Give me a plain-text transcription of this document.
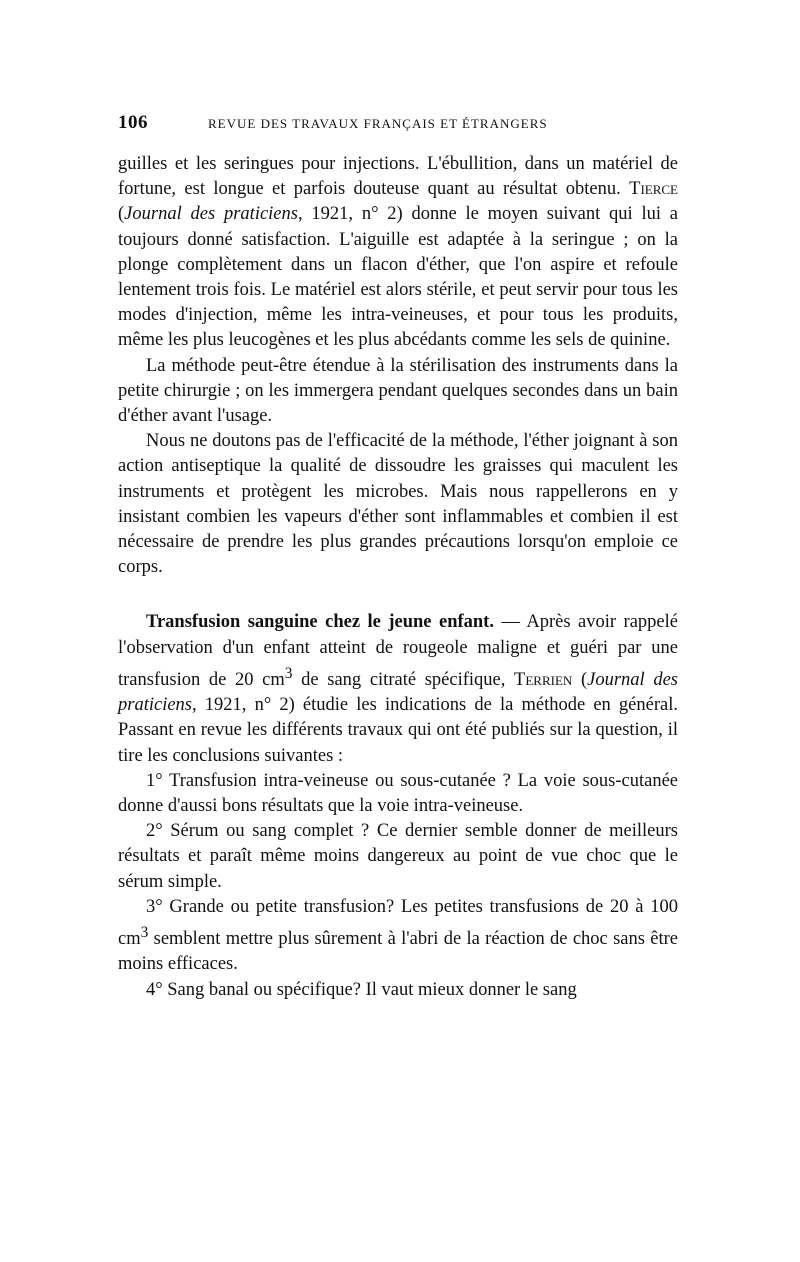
106	REVUE DES TRAVAUX FRANÇAIS ET ÉTRANGERS

guilles et les seringues pour injections. L'ébullition, dans un matériel de fortune, est longue et parfois douteuse quant au résultat obtenu. Tierce (Journal des praticiens, 1921, n° 2) donne le moyen suivant qui lui a toujours donné satisfaction. L'aiguille est adaptée à la seringue ; on la plonge complètement dans un flacon d'éther, que l'on aspire et refoule lentement trois fois. Le matériel est alors stérile, et peut servir pour tous les modes d'injection, même les intra-veineuses, et pour tous les produits, même les plus leucogènes et les plus abcédants comme les sels de quinine.

La méthode peut-être étendue à la stérilisation des instruments dans la petite chirurgie ; on les immergera pendant quelques secondes dans un bain d'éther avant l'usage.

Nous ne doutons pas de l'efficacité de la méthode, l'éther joignant à son action antiseptique la qualité de dissoudre les graisses qui maculent les instruments et protègent les microbes. Mais nous rappellerons en y insistant combien les vapeurs d'éther sont inflammables et combien il est nécessaire de prendre les plus grandes précautions lorsqu'on emploie ce corps.

Transfusion sanguine chez le jeune enfant. — Après avoir rappelé l'observation d'un enfant atteint de rougeole maligne et guéri par une transfusion de 20 $cm^3$ de sang citraté spécifique, Terrien (Journal des praticiens, 1921, n° 2) étudie les indications de la méthode en général. Passant en revue les différents travaux qui ont été publiés sur la question, il tire les conclusions suivantes :

1° Transfusion intra-veineuse ou sous-cutanée ? La voie sous-cutanée donne d'aussi bons résultats que la voie intra-veineuse.

2° Sérum ou sang complet ? Ce dernier semble donner de meilleurs résultats et paraît même moins dangereux au point de vue choc que le sérum simple.

3° Grande ou petite transfusion? Les petites transfusions de 20 à 100 $cm^3$ semblent mettre plus sûrement à l'abri de la réaction de choc sans être moins efficaces.

4° Sang banal ou spécifique? Il vaut mieux donner le sang
